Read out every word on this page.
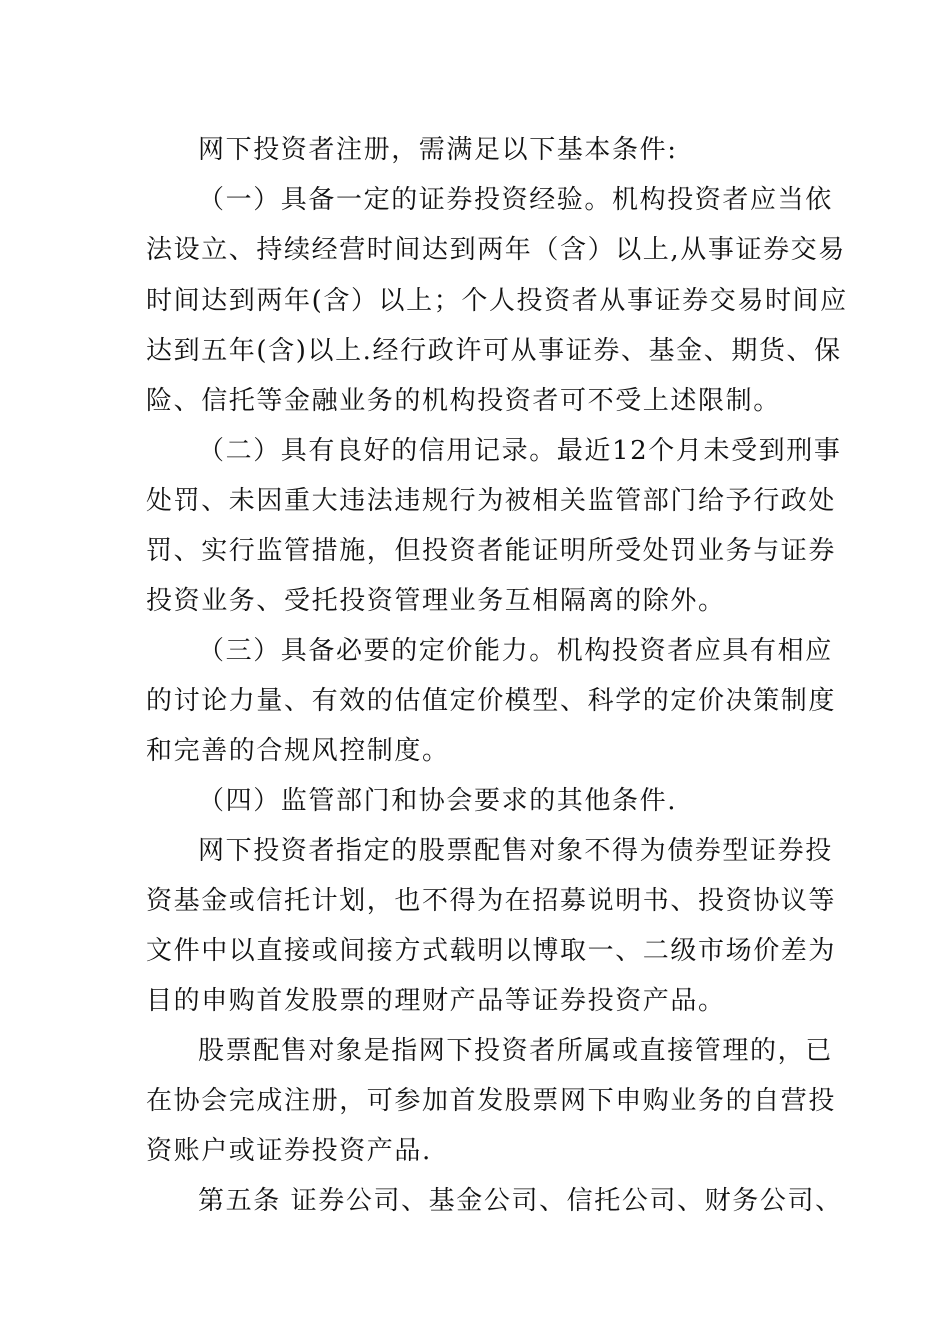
网下投资者注册，需满足以下基本条件:
（一）具备一定的证券投资经验。机构投资者应当依
法设立、持续经营时间达到两年（含）以上,从事证券交易
时间达到两年(含）以上；个人投资者从事证券交易时间应
达到五年(含)以上.经行政许可从事证券、基金、期货、保
险、信托等金融业务的机构投资者可不受上述限制。
（二）具有良好的信用记录。最近12个月未受到刑事
处罚、未因重大违法违规行为被相关监管部门给予行政处
罚、实行监管措施，但投资者能证明所受处罚业务与证券
投资业务、受托投资管理业务互相隔离的除外。
（三）具备必要的定价能力。机构投资者应具有相应
的讨论力量、有效的估值定价模型、科学的定价决策制度
和完善的合规风控制度。
（四）监管部门和协会要求的其他条件.
网下投资者指定的股票配售对象不得为债券型证券投
资基金或信托计划，也不得为在招募说明书、投资协议等
文件中以直接或间接方式载明以博取一、二级市场价差为
目的申购首发股票的理财产品等证券投资产品。
股票配售对象是指网下投资者所属或直接管理的，已
在协会完成注册，可参加首发股票网下申购业务的自营投
资账户或证券投资产品.
第五条 证券公司、基金公司、信托公司、财务公司、
